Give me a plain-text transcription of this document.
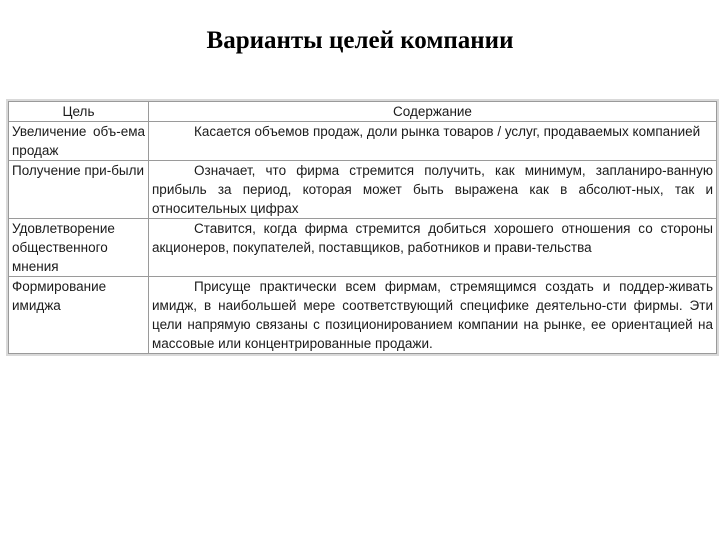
Варианты целей компании
Цель	Содержание
Увеличение объ-ема продаж	Касается объемов продаж, доли рынка товаров / услуг, продаваемых компанией
Получение при-были	Означает, что фирма стремится получить, как минимум, запланиро-ванную прибыль за период, которая может быть выражена как в абсолют-ных, так и относительных цифрах
Удовлетворение общественного мнения	Ставится, когда фирма стремится добиться хорошего отношения со стороны акционеров, покупателей, поставщиков, работников и прави-тельства
Формирование имиджа	Присуще практически всем фирмам, стремящимся создать и поддер-живать имидж, в наибольшей мере соответствующий специфике деятельно-сти фирмы. Эти цели напрямую связаны с позиционированием компании на рынке, ее ориентацией на массовые или концентрированные продажи.
